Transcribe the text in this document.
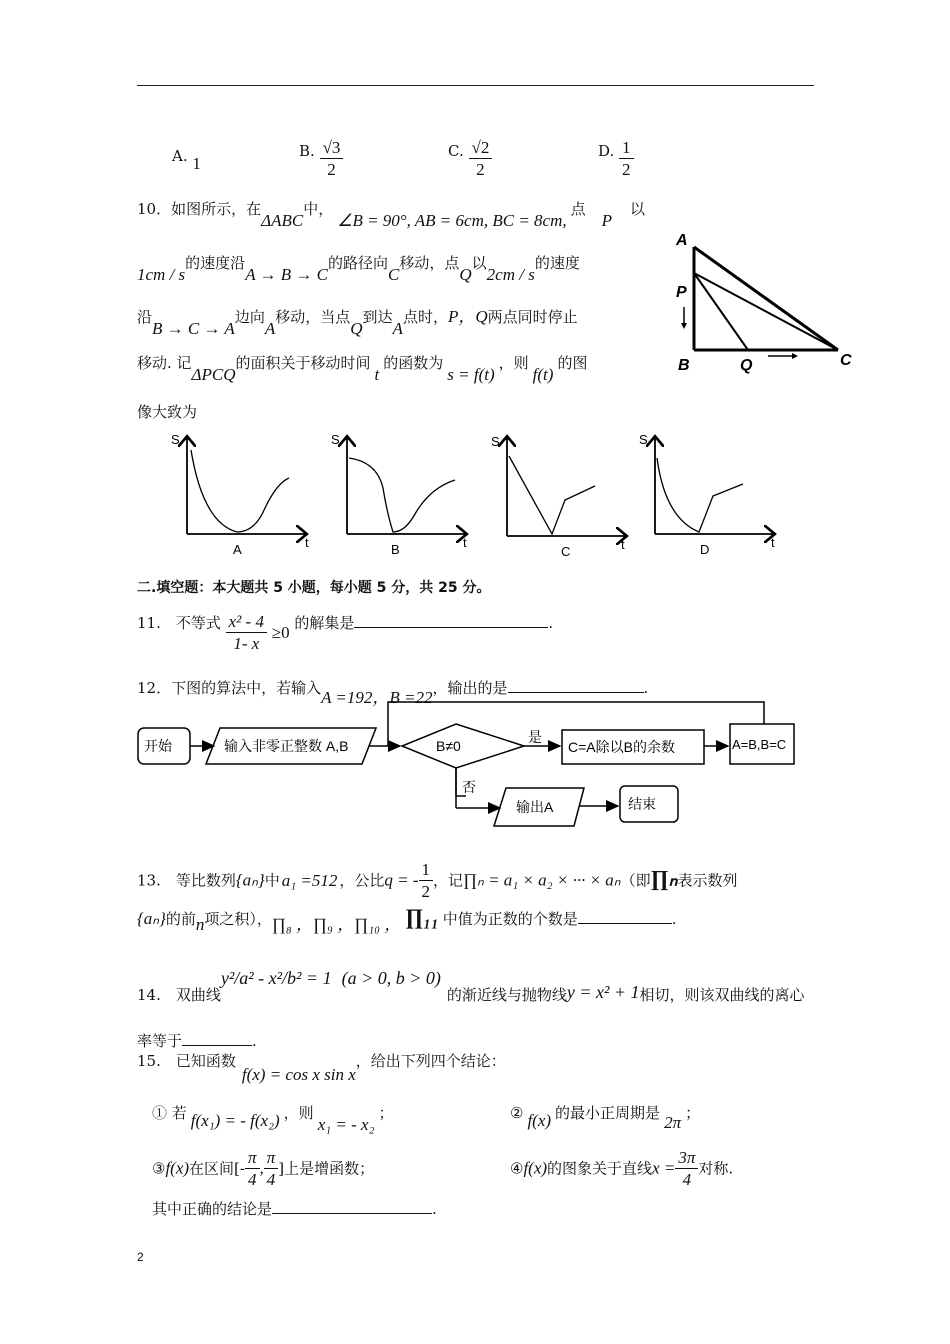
A. 1
B. $\frac{√3}{2}$	C. $\frac{√2}{2}$	D. $\frac{1}{2}$
10．如图所示，在ΔABC中，∠B = 90°, AB = 6cm, BC = 8cm,点P以
1cm / s的速度沿A → B → C的路径向C移动，点Q以2cm / s的速度
沿B → C → A边向A移动，当点Q到达A点时，P，Q两点同时停止
移动. 记ΔPCQ的面积关于移动时间t的函数为s = f(t)，则f(t)的图
像大致为
A
P
B	Q	C
S
t
A
S
t
B
S
t
C
S
t
D
二.填空题：本大题共 5 小题，每小题 5 分，共 25 分。
11.　不等式 $\frac{\text{x² - 4}}{1- x} \ge 0$ 的解集是	.
12．下图的算法中，若输入A =192，B =22，输出的是	.
开始	输入非零正整数 A,B	B≠0
是
C=A除以B的余数	A=B,B=C
否
输出A	结束
13.　等比数列{aₙ}中 a₁ =512 ，公比q = - $\frac{1}{2}$ ，记∏ₙ = a₁ × a₂ × ··· × aₙ（即∏ₙ表示数列
{aₙ}的前n项之积），∏₈ ，∏₉ ，∏₁₀ ， ∏₁₁ 中值为正数的个数是	.
14.　双曲线y²/a² - x²/b² = 1 (a > 0, b > 0)的渐近线与抛物线y = x² + 1相切，则该双曲线的离心
率等于	.
15.　已知函数f(x) = cos x sin x，给出下列四个结论：
① 若 f(x₁) = - f(x₂) ，则x₁ = - x₂；	② f(x) 的最小正周期是 2π ；
③f(x)在区间[- $\frac{\pi}{4}$ , $\frac{\pi}{4}$ ]上是增函数；	④f(x)的图象关于直线$x = \frac{3\pi}{4}$ 对称.
其中正确的结论是	.
2
